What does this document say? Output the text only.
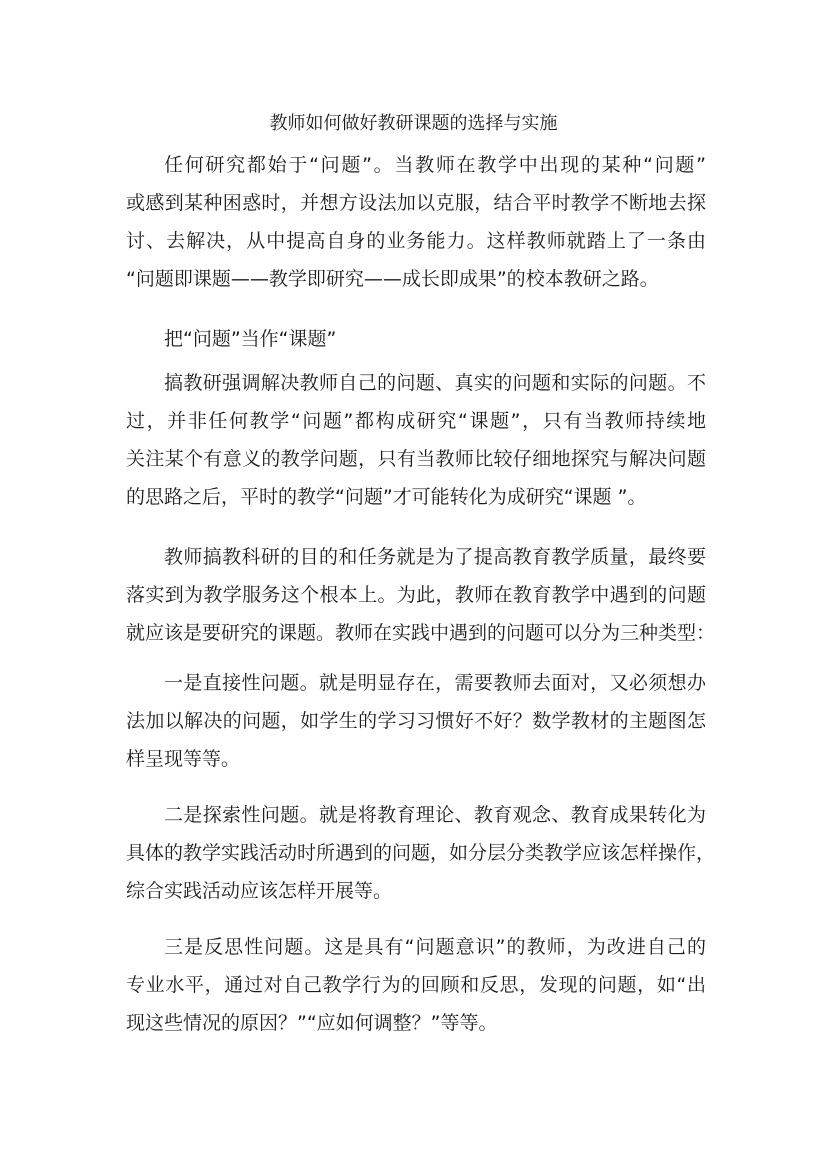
教师如何做好教研课题的选择与实施
任何研究都始于“问题”。当教师在教学中出现的某种“问题”
或感到某种困惑时，并想方设法加以克服，结合平时教学不断地去探
讨、去解决，从中提高自身的业务能力。这样教师就踏上了一条由
“问题即课题——教学即研究——成长即成果”的校本教研之路。
把“问题”当作“课题”
搞教研强调解决教师自己的问题、真实的问题和实际的问题。不
过，并非任何教学“问题”都构成研究“课题”，只有当教师持续地
关注某个有意义的教学问题，只有当教师比较仔细地探究与解决问题
的思路之后，平时的教学“问题”才可能转化为成研究“课题 ”。
教师搞教科研的目的和任务就是为了提高教育教学质量，最终要
落实到为教学服务这个根本上。为此，教师在教育教学中遇到的问题
就应该是要研究的课题。教师在实践中遇到的问题可以分为三种类型：
一是直接性问题。就是明显存在，需要教师去面对，又必须想办
法加以解决的问题，如学生的学习习惯好不好？数学教材的主题图怎
样呈现等等。
二是探索性问题。就是将教育理论、教育观念、教育成果转化为
具体的教学实践活动时所遇到的问题，如分层分类教学应该怎样操作，
综合实践活动应该怎样开展等。
三是反思性问题。这是具有“问题意识”的教师，为改进自己的
专业水平，通过对自己教学行为的回顾和反思，发现的问题，如“出
现这些情况的原因？”“应如何调整？”等等。
